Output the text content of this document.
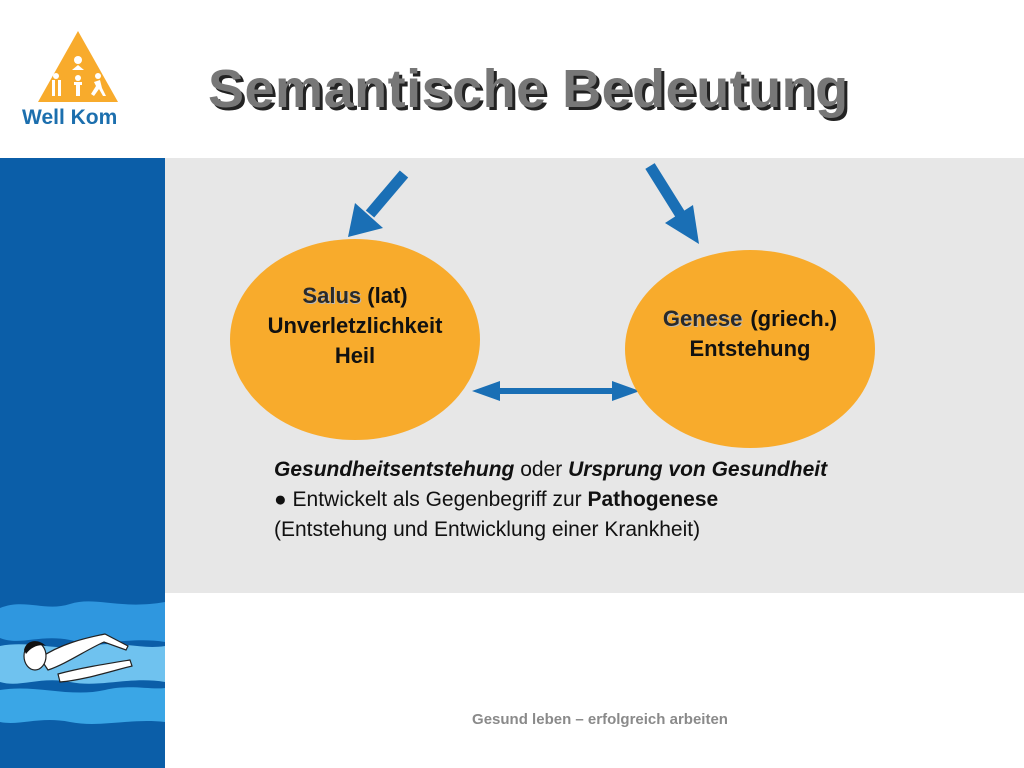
Well Kom Semantische Bedeutung
Salus (lat)
Unverletzlichkeit
Heil
Genese (griech.)
Entstehung
Gesundheitsentstehung oder Ursprung von Gesundheit
● Entwickelt als Gegenbegriff zur Pathogenese
(Entstehung und Entwicklung einer Krankheit)
Gesund leben – erfolgreich arbeiten
